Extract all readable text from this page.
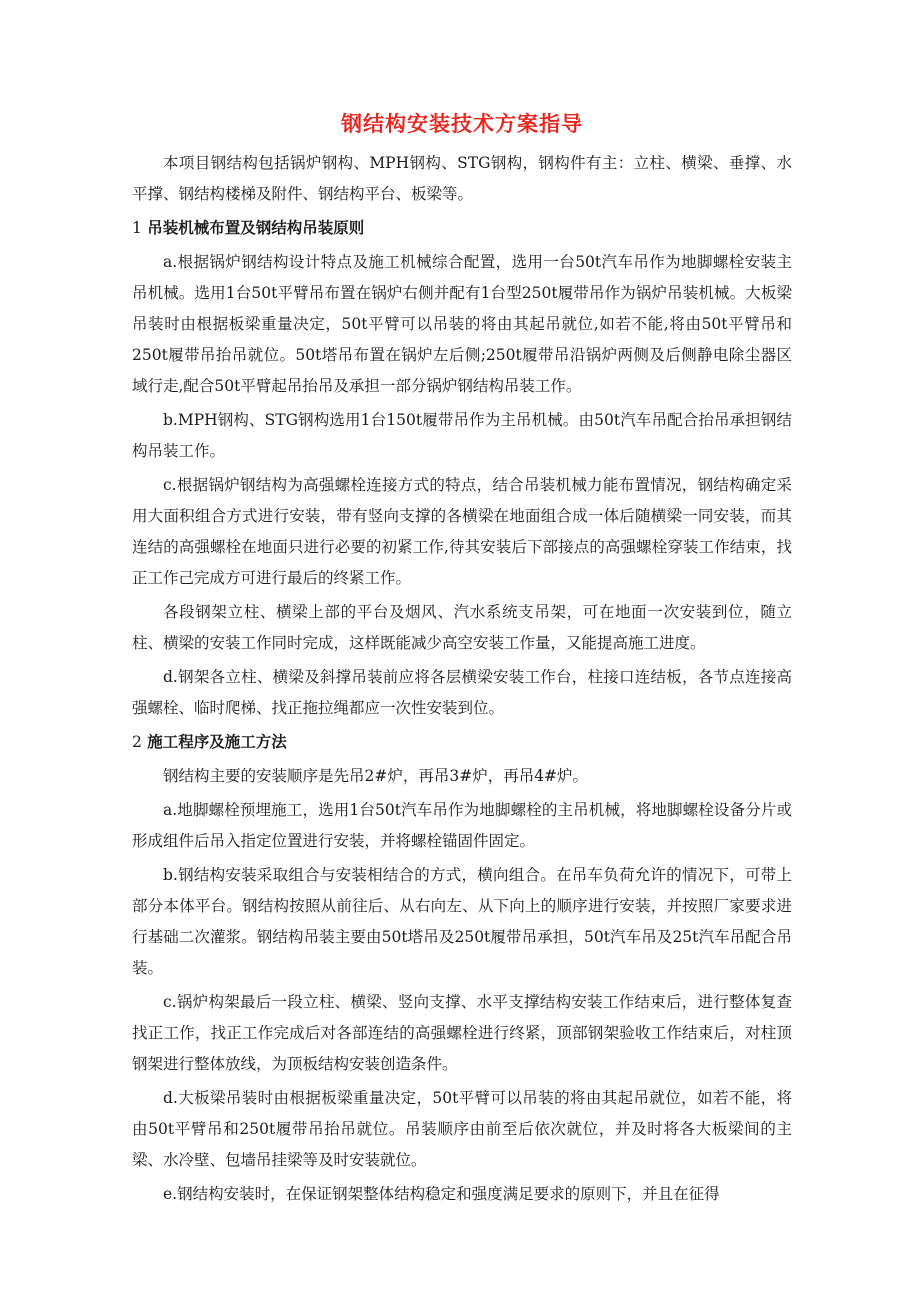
钢结构安装技术方案指导

本项目钢结构包括锅炉钢构、MPH钢构、STG钢构，钢构件有主：立柱、横梁、垂撑、水平撑、钢结构楼梯及附件、钢结构平台、板梁等。

1 吊装机械布置及钢结构吊装原则

a.根据锅炉钢结构设计特点及施工机械综合配置，选用一台50t汽车吊作为地脚螺栓安装主吊机械。选用1台50t平臂吊布置在锅炉右侧并配有1台型250t履带吊作为锅炉吊装机械。大板梁吊装时由根据板梁重量决定，50t平臂可以吊装的将由其起吊就位,如若不能,将由50t平臂吊和250t履带吊抬吊就位。50t塔吊布置在锅炉左后侧;250t履带吊沿锅炉两侧及后侧静电除尘器区域行走,配合50t平臂起吊抬吊及承担一部分锅炉钢结构吊装工作。

b.MPH钢构、STG钢构选用1台150t履带吊作为主吊机械。由50t汽车吊配合抬吊承担钢结构吊装工作。

c.根据锅炉钢结构为高强螺栓连接方式的特点，结合吊装机械力能布置情况，钢结构确定采用大面积组合方式进行安装，带有竖向支撑的各横梁在地面组合成一体后随横梁一同安装，而其连结的高强螺栓在地面只进行必要的初紧工作,待其安装后下部接点的高强螺栓穿装工作结束，找正工作己完成方可进行最后的终紧工作。

各段钢架立柱、横梁上部的平台及烟风、汽水系统支吊架，可在地面一次安装到位，随立柱、横梁的安装工作同时完成，这样既能减少高空安装工作量，又能提高施工进度。

d.钢架各立柱、横梁及斜撑吊装前应将各层横梁安装工作台，柱接口连结板，各节点连接高强螺栓、临时爬梯、找正拖拉绳都应一次性安装到位。

2 施工程序及施工方法

钢结构主要的安装顺序是先吊2#炉，再吊3#炉，再吊4#炉。

a.地脚螺栓预埋施工，选用1台50t汽车吊作为地脚螺栓的主吊机械，将地脚螺栓设备分片或形成组件后吊入指定位置进行安装，并将螺栓锚固件固定。

b.钢结构安装采取组合与安装相结合的方式，横向组合。在吊车负荷允许的情况下，可带上部分本体平台。钢结构按照从前往后、从右向左、从下向上的顺序进行安装，并按照厂家要求进行基础二次灌浆。钢结构吊装主要由50t塔吊及250t履带吊承担，50t汽车吊及25t汽车吊配合吊装。

c.锅炉构架最后一段立柱、横梁、竖向支撑、水平支撑结构安装工作结束后，进行整体复查找正工作，找正工作完成后对各部连结的高强螺栓进行终紧，顶部钢架验收工作结束后，对柱顶钢架进行整体放线，为顶板结构安装创造条件。

d.大板梁吊装时由根据板梁重量决定，50t平臂可以吊装的将由其起吊就位，如若不能，将由50t平臂吊和250t履带吊抬吊就位。吊装顺序由前至后依次就位，并及时将各大板梁间的主梁、水冷壁、包墙吊挂梁等及时安装就位。

e.钢结构安装时，在保证钢架整体结构稳定和强度满足要求的原则下，并且在征得
